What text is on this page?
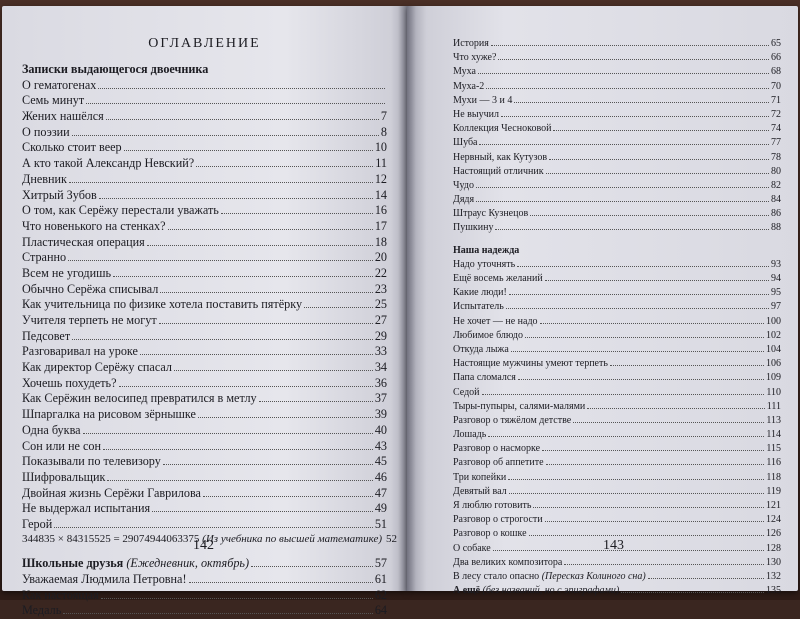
ОГЛАВЛЕНИЕ
Записки выдающегося двоечника
О гематогенах
Семь минут
Жених нашёлся	7
О поэзии	8
Сколько стоит веер	10
А кто такой Александр Невский?	11
Дневник	12
Хитрый Зубов	14
О том, как Серёжу перестали уважать	16
Что новенького на стенках?	17
Пластическая операция	18
Странно	20
Всем не угодишь	22
Обычно Серёжа списывал	23
Как учительница по физике хотела поставить пятёрку	25
Учителя терпеть не могут	27
Педсовет	29
Разговаривал на уроке	33
Как директор Серёжу спасал	34
Хочешь похудеть?	36
Как Серёжин велосипед превратился в метлу	37
Шпаргалка на рисовом зёрнышке	39
Одна буква	40
Сон или не сон	43
Показывали по телевизору	45
Шифровальщик	46
Двойная жизнь Серёжи Гаврилова	47
Не выдержал испытания	49
Герой	51
344835 × 84315525 = 29074944063375 (Из учебника по высшей математике) 52
Школьные друзья (Ежедневник, октябрь)	57
Уважаемая Людмила Петровна!	61
Как настоящая	62
Медаль	64
История	65
Что хуже?	66
Муха	68
Муха-2	70
Мухи — 3 и 4	71
Не выучил	72
Коллекция Чесноковой	74
Шуба	77
Нервный, как Кутузов	78
Настоящий отличник	80
Чудо	82
Дядя	84
Штраус Кузнецов	86
Пушкину	88
Наша надежда
Надо уточнять	93
Ещё восемь желаний	94
Какие люди!	95
Испытатель	97
Не хочет — не надо	100
Любимое блюдо	102
Откуда лыжа	104
Настоящие мужчины умеют терпеть	106
Папа сломался	109
Седой	110
Тыры-пупыры, салями-малями	111
Разговор о тяжёлом детстве	113
Лошадь	114
Разговор о насморке	115
Разговор об аппетите	116
Три копейки	118
Девятый вал	119
Я люблю готовить	121
Разговор о строгости	124
Разговор о кошке	126
О собаке	128
Два великих композитора	130
В лесу стало опасно (Пересказ Колиного сна)	132
А ещё (без названий, но с эпиграфами)	135
142	143
